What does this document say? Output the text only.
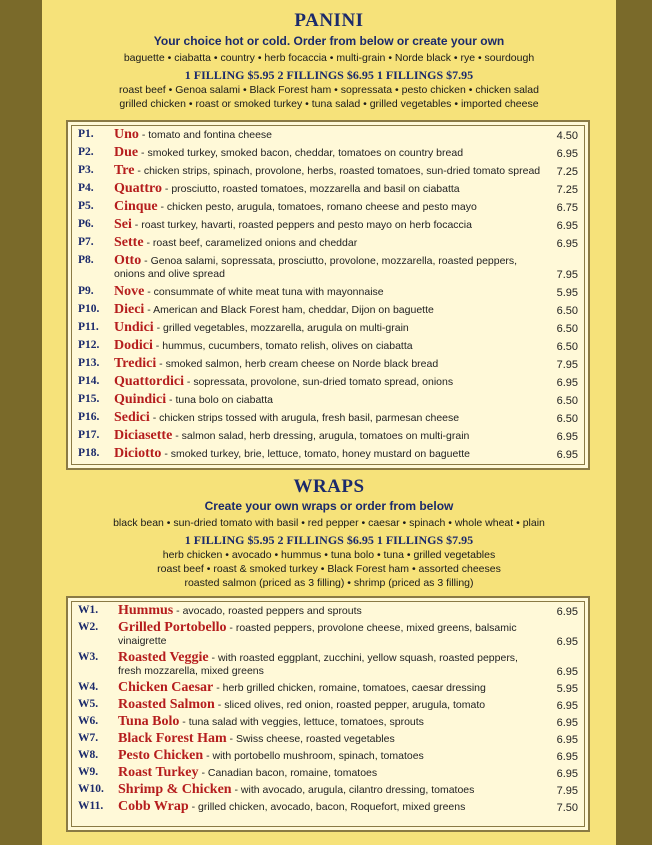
PANINI
Your choice hot or cold. Order from below or create your own
baguette • ciabatta • country • herb focaccia • multi-grain • Norde black • rye • sourdough
1 FILLING $5.95 2 FILLINGS $6.95 1 FILLINGS $7.95
roast beef • Genoa salami • Black Forest ham • sopressata • pesto chicken • chicken salad
grilled chicken • roast or smoked turkey • tuna salad • grilled vegetables • imported cheese
P1.	Uno - tomato and fontina cheese	4.50
P2.	Due - smoked turkey, smoked bacon, cheddar, tomatoes on country bread	6.95
P3.	Tre - chicken strips, spinach, provolone, herbs, roasted tomatoes, sun-dried tomato spread	7.25
P4.	Quattro - prosciutto, roasted tomatoes, mozzarella and basil on ciabatta	7.25
P5.	Cinque - chicken pesto, arugula, tomatoes, romano cheese and pesto mayo	6.75
P6.	Sei - roast turkey, havarti, roasted peppers and pesto mayo on herb focaccia	6.95
P7.	Sette - roast beef, caramelized onions and cheddar	6.95
P8.	Otto - Genoa salami, sopressata, prosciutto, provolone, mozzarella, roasted peppers, onions and olive spread	7.95
P9.	Nove - consummate of white meat tuna with mayonnaise	5.95
P10.	Dieci - American and Black Forest ham, cheddar, Dijon on baguette	6.50
P11.	Undici - grilled vegetables, mozzarella, arugula on multi-grain	6.50
P12.	Dodici - hummus, cucumbers, tomato relish, olives on ciabatta	6.50
P13.	Tredici - smoked salmon, herb cream cheese on Norde black bread	7.95
P14.	Quattordici - sopressata, provolone, sun-dried tomato spread, onions	6.95
P15.	Quindici - tuna bolo on ciabatta	6.50
P16.	Sedici - chicken strips tossed with arugula, fresh basil, parmesan cheese	6.50
P17.	Diciasette - salmon salad, herb dressing, arugula, tomatoes on multi-grain	6.95
P18.	Diciotto - smoked turkey, brie, lettuce, tomato, honey mustard on baguette	6.95
WRAPS
Create your own wraps or order from below
black bean • sun-dried tomato with basil • red pepper • caesar • spinach • whole wheat • plain
1 FILLING $5.95 2 FILLINGS $6.95 1 FILLINGS $7.95
herb chicken • avocado • hummus • tuna bolo • tuna • grilled vegetables
roast beef • roast & smoked turkey • Black Forest ham • assorted cheeses
roasted salmon (priced as 3 filling) • shrimp (priced as 3 filling)
W1.	Hummus - avocado, roasted peppers and sprouts	6.95
W2.	Grilled Portobello - roasted peppers, provolone cheese, mixed greens, balsamic vinaigrette	6.95
W3.	Roasted Veggie - with roasted eggplant, zucchini, yellow squash, roasted peppers, fresh mozzarella, mixed greens	6.95
W4.	Chicken Caesar - herb grilled chicken, romaine, tomatoes, caesar dressing	5.95
W5.	Roasted Salmon - sliced olives, red onion, roasted pepper, arugula, tomato	6.95
W6.	Tuna Bolo - tuna salad with veggies, lettuce, tomatoes, sprouts	6.95
W7.	Black Forest Ham - Swiss cheese, roasted vegetables	6.95
W8.	Pesto Chicken - with portobello mushroom, spinach, tomatoes	6.95
W9.	Roast Turkey - Canadian bacon, romaine, tomatoes	6.95
W10.	Shrimp & Chicken - with avocado, arugula, cilantro dressing, tomatoes	7.95
W11.	Cobb Wrap - grilled chicken, avocado, bacon, Roquefort, mixed greens	7.50
